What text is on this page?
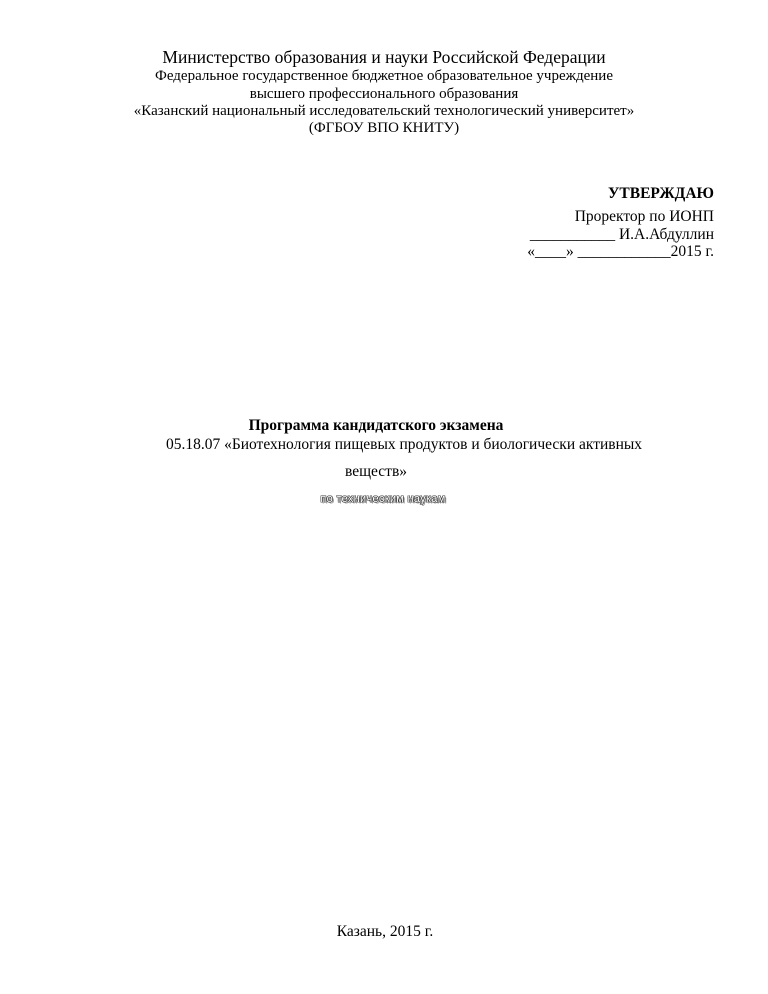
Министерство образования и науки Российской Федерации
Федеральное государственное бюджетное образовательное учреждение
высшего профессионального образования
«Казанский национальный исследовательский технологический университет»
(ФГБОУ ВПО КНИТУ)
УТВЕРЖДАЮ
Проректор по ИОНП
___________ И.А.Абдуллин
«____» ____________2015 г.
Программа кандидатского экзамена
05.18.07 «Биотехнология пищевых продуктов и биологически активных
веществ»
по техническим наукам
Казань, 2015 г.
